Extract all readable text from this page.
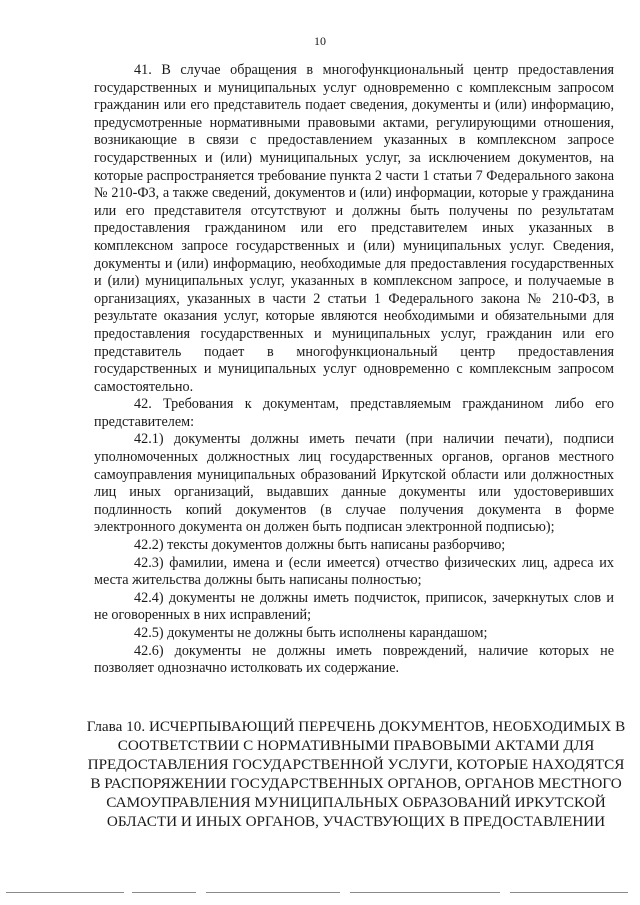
10

41. В случае обращения в многофункциональный центр предоставления государственных и муниципальных услуг одновременно с комплексным запросом гражданин или его представитель подает сведения, документы и (или) информацию, предусмотренные нормативными правовыми актами, регулирующими отношения, возникающие в связи с предоставлением указанных в комплексном запросе государственных и (или) муниципальных услуг, за исключением документов, на которые распространяется требование пункта 2 части 1 статьи 7 Федерального закона № 210-ФЗ, а также сведений, документов и (или) информации, которые у гражданина или его представителя отсутствуют и должны быть получены по результатам предоставления гражданином или его представителем иных указанных в комплексном запросе государственных и (или) муниципальных услуг. Сведения, документы и (или) информацию, необходимые для предоставления государственных и (или) муниципальных услуг, указанных в комплексном запросе, и получаемые в организациях, указанных в части 2 статьи 1 Федерального закона № 210-ФЗ, в результате оказания услуг, которые являются необходимыми и обязательными для предоставления государственных и муниципальных услуг, гражданин или его представитель подает в многофункциональный центр предоставления государственных и муниципальных услуг одновременно с комплексным запросом самостоятельно.

42. Требования к документам, представляемым гражданином либо его представителем:

42.1) документы должны иметь печати (при наличии печати), подписи уполномоченных должностных лиц государственных органов, органов местного самоуправления муниципальных образований Иркутской области или должностных лиц иных организаций, выдавших данные документы или удостоверивших подлинность копий документов (в случае получения документа в форме электронного документа он должен быть подписан электронной подписью);

42.2) тексты документов должны быть написаны разборчиво;

42.3) фамилии, имена и (если имеется) отчество физических лиц, адреса их места жительства должны быть написаны полностью;

42.4) документы не должны иметь подчисток, приписок, зачеркнутых слов и не оговоренных в них исправлений;

42.5) документы не должны быть исполнены карандашом;

42.6) документы не должны иметь повреждений, наличие которых не позволяет однозначно истолковать их содержание.

Глава 10. ИСЧЕРПЫВАЮЩИЙ ПЕРЕЧЕНЬ ДОКУМЕНТОВ, НЕОБХОДИМЫХ В СООТВЕТСТВИИ С НОРМАТИВНЫМИ ПРАВОВЫМИ АКТАМИ ДЛЯ ПРЕДОСТАВЛЕНИЯ ГОСУДАРСТВЕННОЙ УСЛУГИ, КОТОРЫЕ НАХОДЯТСЯ В РАСПОРЯЖЕНИИ ГОСУДАРСТВЕННЫХ ОРГАНОВ, ОРГАНОВ МЕСТНОГО САМОУПРАВЛЕНИЯ МУНИЦИПАЛЬНЫХ ОБРАЗОВАНИЙ ИРКУТСКОЙ ОБЛАСТИ И ИНЫХ ОРГАНОВ, УЧАСТВУЮЩИХ В ПРЕДОСТАВЛЕНИИ
